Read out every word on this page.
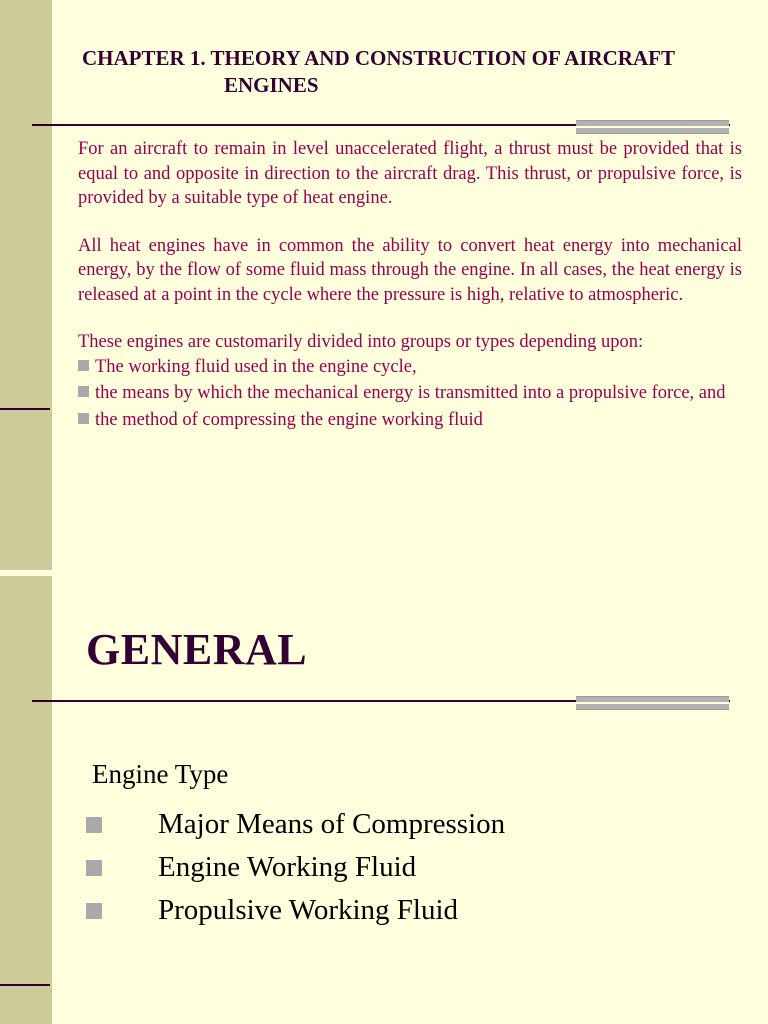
CHAPTER 1. THEORY AND CONSTRUCTION OF AIRCRAFT
ENGINES

For an aircraft to remain in level unaccelerated flight, a thrust must be provided that is equal to and opposite in direction to the aircraft drag. This thrust, or propulsive force, is provided by a suitable type of heat engine.

All heat engines have in common the ability to convert heat energy into mechanical energy, by the flow of some fluid mass through the engine. In all cases, the heat energy is released at a point in the cycle where the pressure is high, relative to atmospheric.

These engines are customarily divided into groups or types depending upon:

The working fluid used in the engine cycle,
the means by which the mechanical energy is transmitted into a propulsive force, and
the method of compressing the engine working fluid
GENERAL
Engine Type
Major Means of Compression
Engine Working Fluid
Propulsive Working Fluid
